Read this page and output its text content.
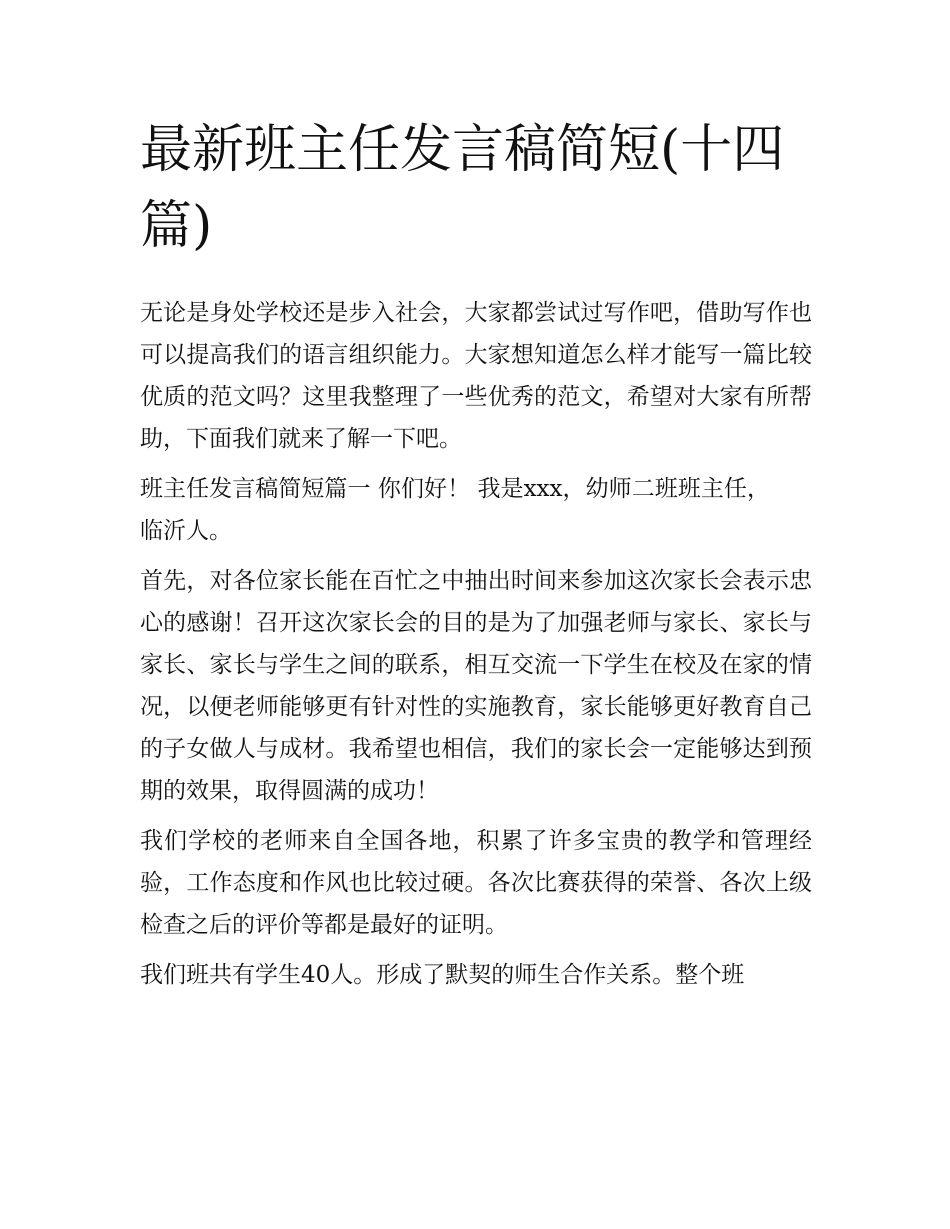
最新班主任发言稿简短(十四篇)

无论是身处学校还是步入社会，大家都尝试过写作吧，借助写作也可以提高我们的语言组织能力。大家想知道怎么样才能写一篇比较优质的范文吗？这里我整理了一些优秀的范文，希望对大家有所帮助，下面我们就来了解一下吧。

班主任发言稿简短篇一 你们好！ 我是xxx，幼师二班班主任，临沂人。

首先，对各位家长能在百忙之中抽出时间来参加这次家长会表示忠心的感谢！召开这次家长会的目的是为了加强老师与家长、家长与家长、家长与学生之间的联系，相互交流一下学生在校及在家的情况，以便老师能够更有针对性的实施教育，家长能够更好教育自己的子女做人与成材。我希望也相信，我们的家长会一定能够达到预期的效果，取得圆满的成功！

我们学校的老师来自全国各地，积累了许多宝贵的教学和管理经验，工作态度和作风也比较过硬。各次比赛获得的荣誉、各次上级检查之后的评价等都是最好的证明。

我们班共有学生40人。形成了默契的师生合作关系。整个班
